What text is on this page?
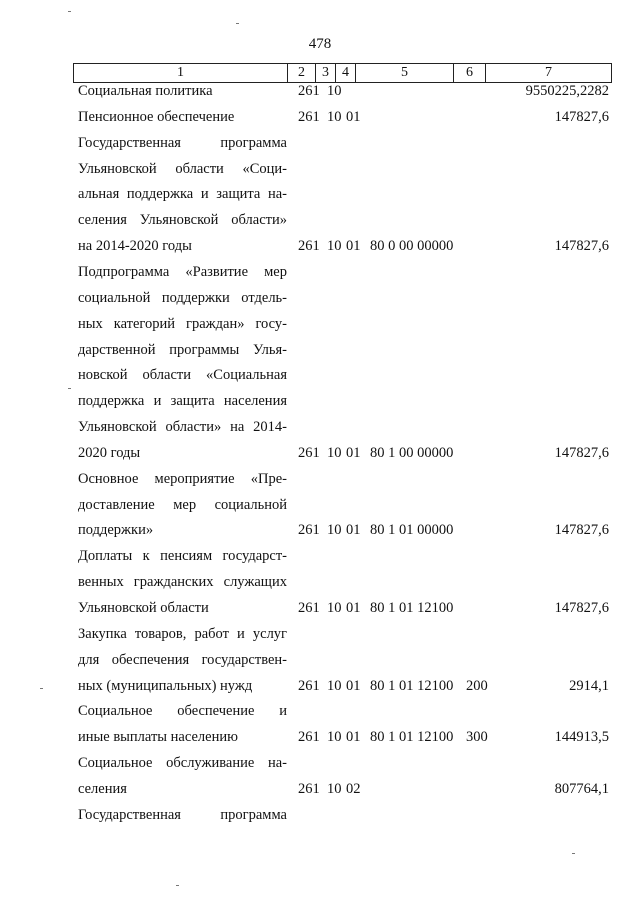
478
1	2	3	4	5	6	7
Социальная политика	261 10	9550225,2282
Пенсионное обеспечение	261 10 01	147827,6
Государственная программа
Ульяновской области «Соци-
альная поддержка и защита на-
селения Ульяновской области»
на 2014-2020 годы	261 10 01 80 0 00 00000	147827,6
Подпрограмма «Развитие мер
социальной поддержки отдель-
ных категорий граждан» госу-
дарственной программы Улья-
новской области «Социальная
поддержка и защита населения
Ульяновской области» на 2014-
2020 годы	261 10 01 80 1 00 00000	147827,6
Основное мероприятие «Пре-
доставление мер социальной
поддержки»	261 10 01 80 1 01 00000	147827,6
Доплаты к пенсиям государст-
венных гражданских служащих
Ульяновской области	261 10 01 80 1 01 12100	147827,6
Закупка товаров, работ и услуг
для обеспечения государствен-
ных (муниципальных) нужд	261 10 01 80 1 01 12100 200	2914,1
Социальное обеспечение и
иные выплаты населению	261 10 01 80 1 01 12100 300	144913,5
Социальное обслуживание на-
селения	261 10 02	807764,1
Государственная программа
